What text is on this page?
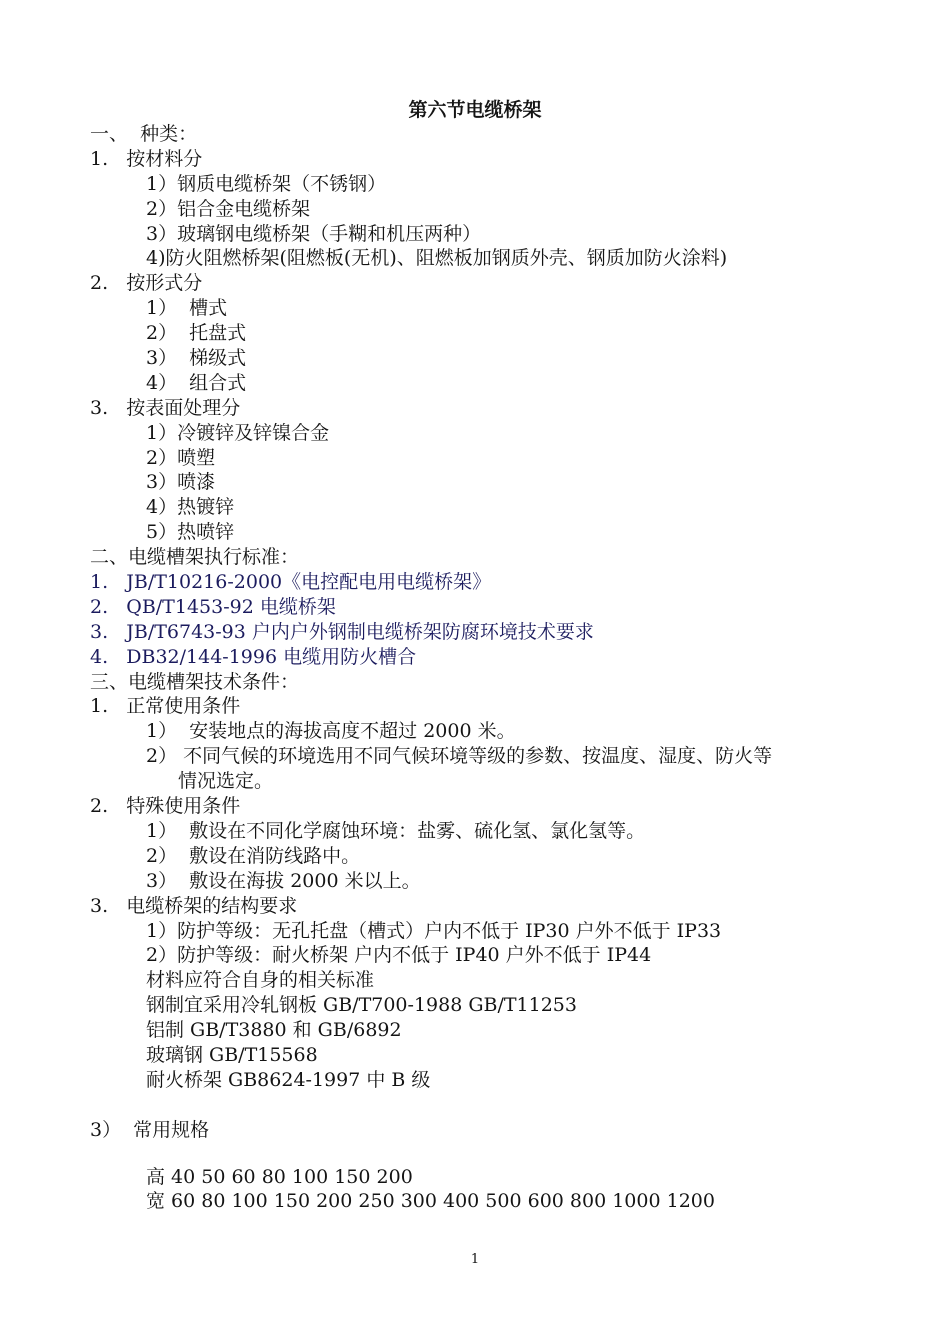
第六节电缆桥架
一、  种类：
1.   按材料分
1）钢质电缆桥架（不锈钢）
2）铝合金电缆桥架
3）玻璃钢电缆桥架（手糊和机压两种）
4)防火阻燃桥架(阻燃板(无机)、阻燃板加钢质外壳、钢质加防火涂料)
2.   按形式分
1）  槽式
2）  托盘式
3）  梯级式
4）  组合式
3.   按表面处理分
1）冷镀锌及锌镍合金
2）喷塑
3）喷漆
4）热镀锌
5）热喷锌
二、电缆槽架执行标准：
1.   JB/T10216-2000《电控配电用电缆桥架》
2.   QB/T1453-92 电缆桥架
3.   JB/T6743-93 户内户外钢制电缆桥架防腐环境技术要求
4.   DB32/144-1996 电缆用防火槽合
三、电缆槽架技术条件：
1.   正常使用条件
1）  安装地点的海拔高度不超过 2000 米。
2） 不同气候的环境选用不同气候环境等级的参数、按温度、湿度、防火等
情况选定。
2.   特殊使用条件
1）  敷设在不同化学腐蚀环境：盐雾、硫化氢、氯化氢等。
2）  敷设在消防线路中。
3）  敷设在海拔 2000 米以上。
3.   电缆桥架的结构要求
1）防护等级：无孔托盘（槽式）户内不低于 IP30 户外不低于 IP33
2）防护等级：耐火桥架 户内不低于 IP40 户外不低于 IP44
材料应符合自身的相关标准
钢制宜采用冷轧钢板 GB/T700-1988 GB/T11253
铝制 GB/T3880 和 GB/6892
玻璃钢 GB/T15568
耐火桥架 GB8624-1997 中 B 级
3）  常用规格
高 40 50 60 80 100 150 200
宽 60 80 100 150 200 250 300 400 500 600 800 1000 1200
1
